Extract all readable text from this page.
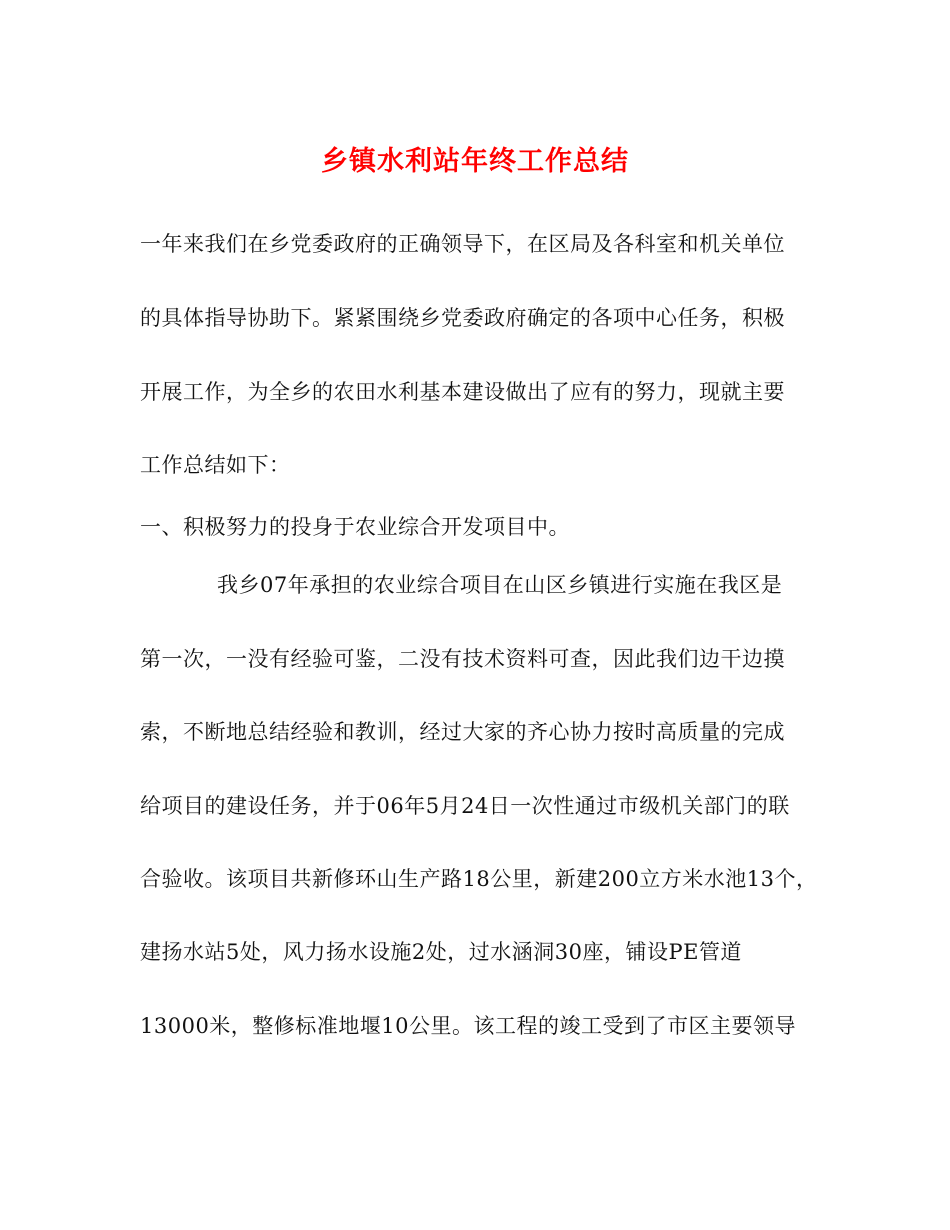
乡镇水利站年终工作总结
一年来我们在乡党委政府的正确领导下，在区局及各科室和机关单位
的具体指导协助下。紧紧围绕乡党委政府确定的各项中心任务，积极
开展工作，为全乡的农田水利基本建设做出了应有的努力，现就主要
工作总结如下：
一、积极努力的投身于农业综合开发项目中。
我乡07年承担的农业综合项目在山区乡镇进行实施在我区是
第一次，一没有经验可鉴，二没有技术资料可查，因此我们边干边摸
索，不断地总结经验和教训，经过大家的齐心协力按时高质量的完成
给项目的建设任务，并于06年5月24日一次性通过市级机关部门的联
合验收。该项目共新修环山生产路18公里，新建200立方米水池13个，
建扬水站5处，风力扬水设施2处，过水涵洞30座，铺设PE管道
13000米，整修标准地堰10公里。该工程的竣工受到了市区主要领导
